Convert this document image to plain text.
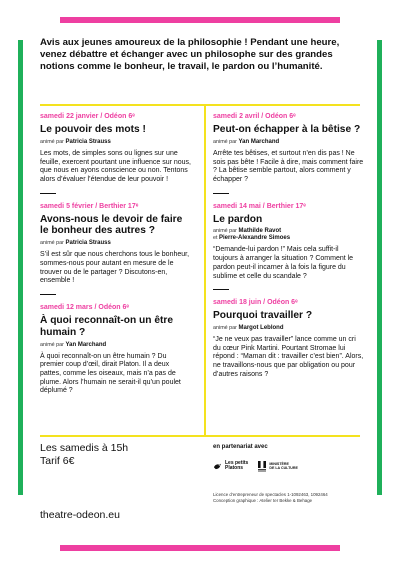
Avis aux jeunes amoureux de la philosophie ! Pendant une heure, venez débattre et échanger avec un philosophe sur des grandes notions comme le bonheur, le travail, le pardon ou l’humanité.

samedi 22 janvier / Odéon 6ᵉ

Le pouvoir des mots !

animé par Patricia Strauss

Les mots, de simples sons ou lignes sur une feuille, exercent pourtant une influence sur nous, que nous en ayons conscience ou non. Tentons alors d’évaluer l’étendue de leur pouvoir !

samedi 5 février / Berthier 17ᵉ

Avons-nous le devoir de faire le bonheur des autres ?

animé par Patricia Strauss

S’il est sûr que nous cherchons tous le bonheur, sommes-nous pour autant en mesure de le trouver ou de le partager ? Discutons-en, ensemble !

samedi 12 mars / Odéon 6ᵉ

À quoi reconnaît-on un être humain ?

animé par Yan Marchand

À quoi reconnaît-on un être humain ? Du premier coup d’œil, dirait Platon. Il a deux pattes, comme les oiseaux, mais n’a pas de plume. Alors l’humain ne serait-il qu’un poulet déplumé ?

samedi 2 avril / Odéon 6ᵉ

Peut-on échapper à la bêtise ?

animé par Yan Marchand

Arrête tes bêtises, et surtout n’en dis pas ! Ne sois pas bête ! Facile à dire, mais comment faire ? La bêtise semble partout, alors comment y échapper ?

samedi 14 mai / Berthier 17ᵉ

Le pardon

animé par Mathilde Ravot
et Pierre-Alexandre Simoes

“Demande-lui pardon !” Mais cela suffit-il toujours à arranger la situation ? Comment le pardon peut-il incarner à la fois la figure du sublime et celle du scandale ?

samedi 18 juin / Odéon 6ᵉ

Pourquoi travailler ?

animé par Margot Leblond

“Je ne veux pas travailler” lance comme un cri du cœur Pink Martini. Pourtant Stromae lui répond : “Maman dit : travailler c’est bien”. Alors, ne travaillons-nous que par obligation ou pour d’autres raisons ?

Les samedis à 15h

Tarif 6€

theatre-odeon.eu

en partenariat avec

Les petits
Platons
MINISTÈRE
DE LA CULTURE

Licence d’entrepreneur de spectacles 1-1092463, 1092464
Conception graphique : Atelier ter Bekke & Behage
